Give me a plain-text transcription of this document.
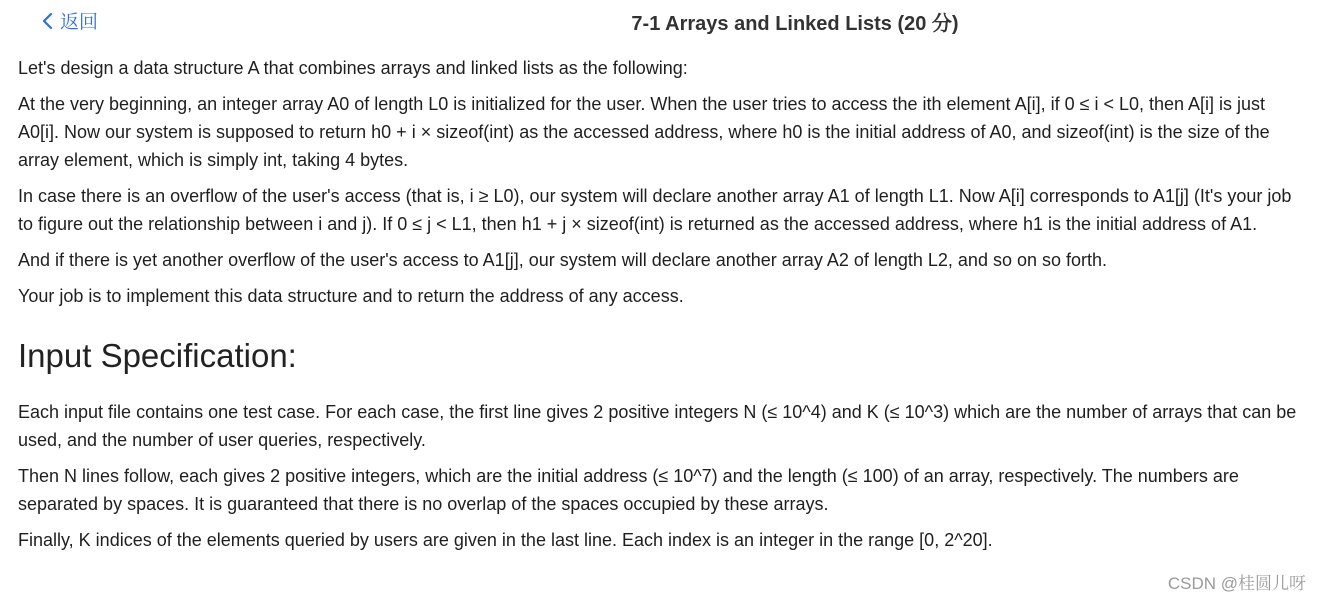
返回	7-1 Arrays and Linked Lists (20 分)

Let's design a data structure A that combines arrays and linked lists as the following:

At the very beginning, an integer array A0 of length L0 is initialized for the user. When the user tries to access the ith element A[i], if 0 ≤ i < L0, then A[i] is just A0[i]. Now our system is supposed to return h0 + i × sizeof(int) as the accessed address, where h0 is the initial address of A0, and sizeof(int) is the size of the array element, which is simply int, taking 4 bytes.

In case there is an overflow of the user's access (that is, i ≥ L0), our system will declare another array A1 of length L1. Now A[i] corresponds to A1[j] (It's your job to figure out the relationship between i and j). If 0 ≤ j < L1, then h1 + j × sizeof(int) is returned as the accessed address, where h1 is the initial address of A1.

And if there is yet another overflow of the user's access to A1[j], our system will declare another array A2 of length L2, and so on so forth.

Your job is to implement this data structure and to return the address of any access.

Input Specification:

Each input file contains one test case. For each case, the first line gives 2 positive integers N (≤ 10^4) and K (≤ 10^3) which are the number of arrays that can be used, and the number of user queries, respectively.

Then N lines follow, each gives 2 positive integers, which are the initial address (≤ 10^7) and the length (≤ 100) of an array, respectively. The numbers are separated by spaces. It is guaranteed that there is no overlap of the spaces occupied by these arrays.

Finally, K indices of the elements queried by users are given in the last line. Each index is an integer in the range [0, 2^20].

CSDN @桂圆儿呀
